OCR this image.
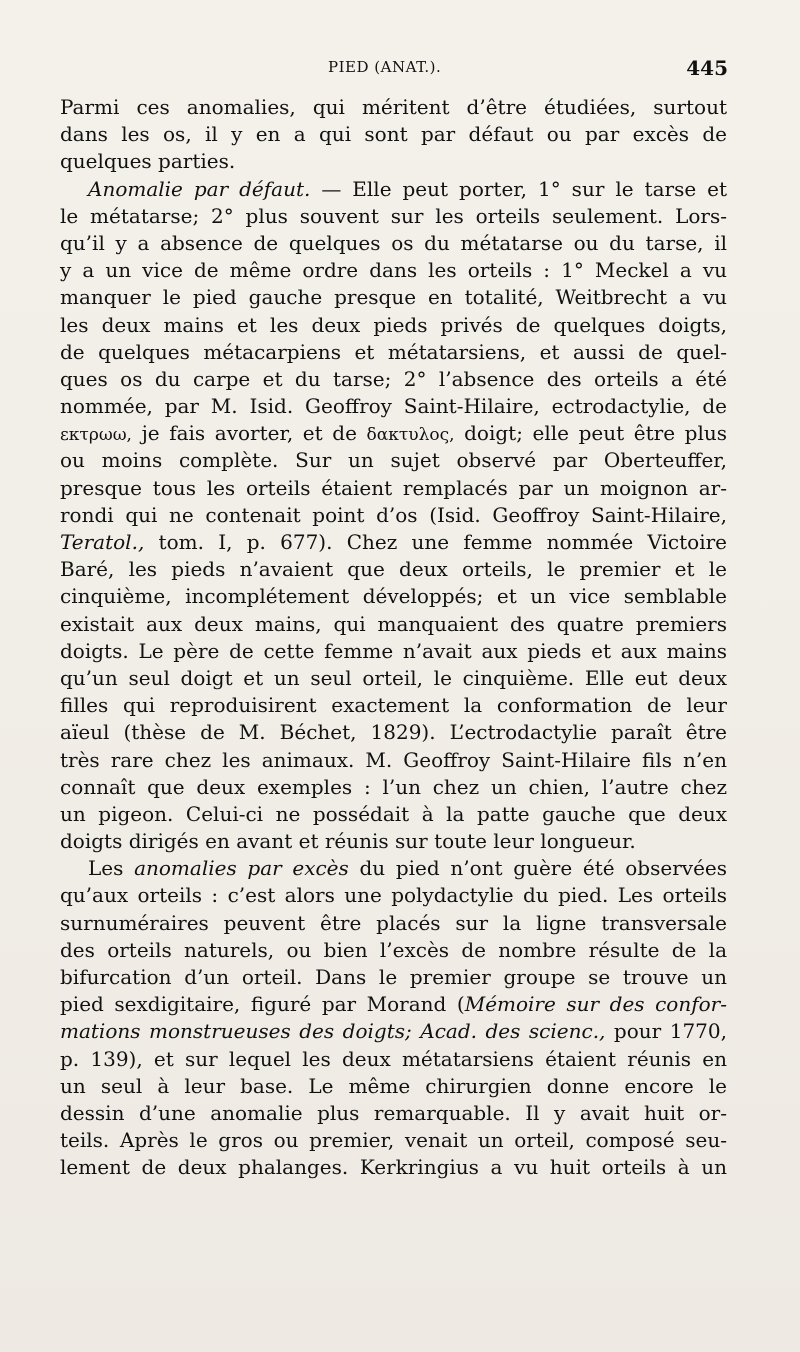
PIED (ANAT.).	445
Parmi ces anomalies, qui méritent d’être étudiées, surtout
dans les os, il y en a qui sont par défaut ou par excès de
quelques parties.
Anomalie par défaut. — Elle peut porter, 1° sur le tarse et
le métatarse; 2° plus souvent sur les orteils seulement. Lors-
qu’il y a absence de quelques os du métatarse ou du tarse, il
y a un vice de même ordre dans les orteils : 1° Meckel a vu
manquer le pied gauche presque en totalité, Weitbrecht a vu
les deux mains et les deux pieds privés de quelques doigts,
de quelques métacarpiens et métatarsiens, et aussi de quel-
ques os du carpe et du tarse; 2° l’absence des orteils a été
nommée, par M. Isid. Geoffroy Saint-Hilaire, ectrodactylie, de
εκτρωω, je fais avorter, et de δακτυλος, doigt; elle peut être plus
ou moins complète. Sur un sujet observé par Oberteuffer,
presque tous les orteils étaient remplacés par un moignon ar-
rondi qui ne contenait point d’os (Isid. Geoffroy Saint-Hilaire,
Teratol., tom. I, p. 677). Chez une femme nommée Victoire
Baré, les pieds n’avaient que deux orteils, le premier et le
cinquième, incomplétement développés; et un vice semblable
existait aux deux mains, qui manquaient des quatre premiers
doigts. Le père de cette femme n’avait aux pieds et aux mains
qu’un seul doigt et un seul orteil, le cinquième. Elle eut deux
filles qui reproduisirent exactement la conformation de leur
aïeul (thèse de M. Béchet, 1829). L’ectrodactylie paraît être
très rare chez les animaux. M. Geoffroy Saint-Hilaire fils n’en
connaît que deux exemples : l’un chez un chien, l’autre chez
un pigeon. Celui-ci ne possédait à la patte gauche que deux
doigts dirigés en avant et réunis sur toute leur longueur.
Les anomalies par excès du pied n’ont guère été observées
qu’aux orteils : c’est alors une polydactylie du pied. Les orteils
surnuméraires peuvent être placés sur la ligne transversale
des orteils naturels, ou bien l’excès de nombre résulte de la
bifurcation d’un orteil. Dans le premier groupe se trouve un
pied sexdigitaire, figuré par Morand (Mémoire sur des confor-
mations monstrueuses des doigts; Acad. des scienc., pour 1770,
p. 139), et sur lequel les deux métatarsiens étaient réunis en
un seul à leur base. Le même chirurgien donne encore le
dessin d’une anomalie plus remarquable. Il y avait huit or-
teils. Après le gros ou premier, venait un orteil, composé seu-
lement de deux phalanges. Kerkringius a vu huit orteils à un
